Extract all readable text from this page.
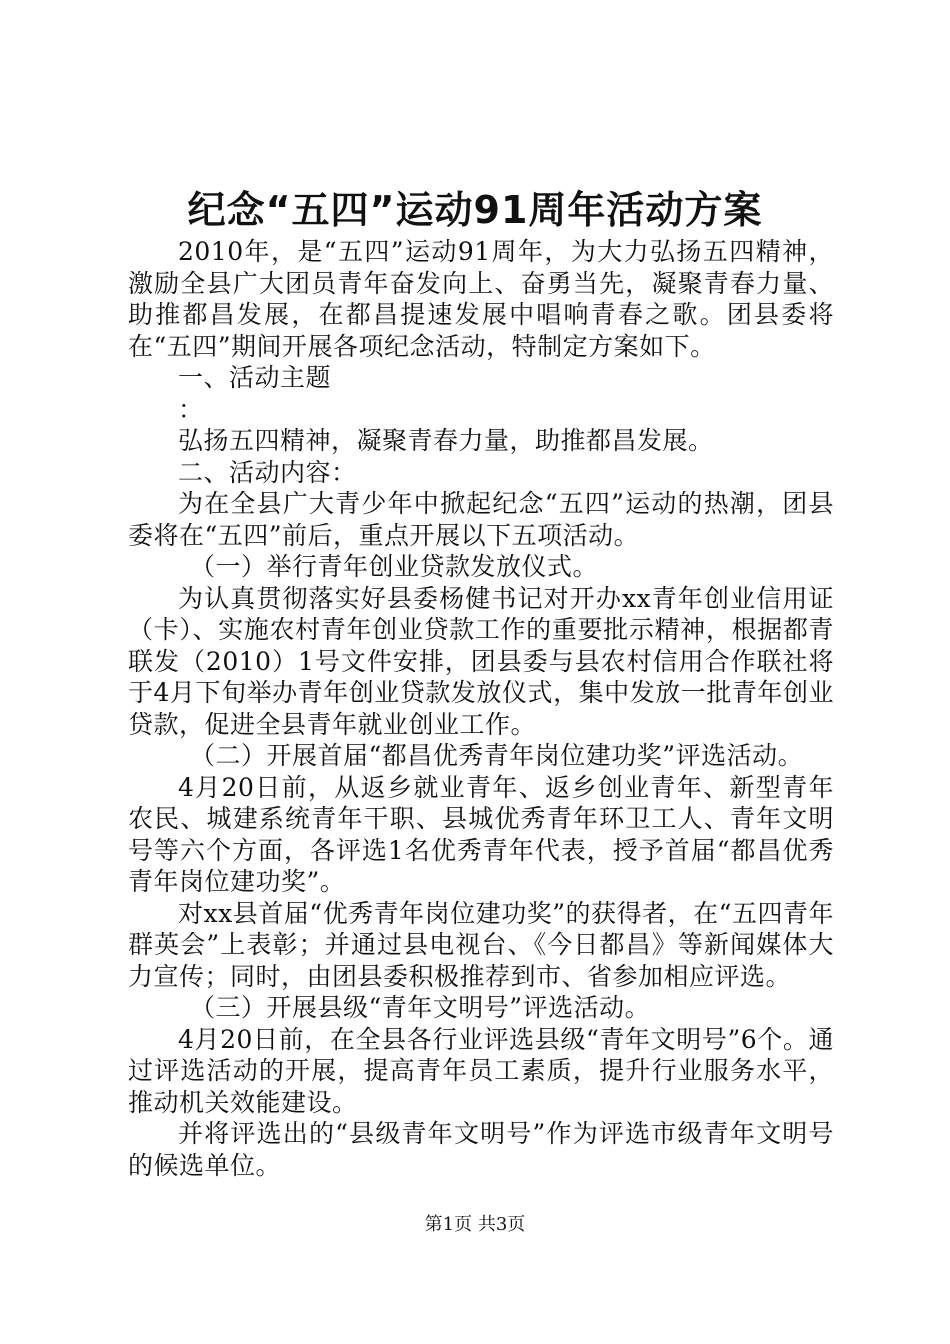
纪念“五四”运动91周年活动方案

2010年，是“五四”运动91周年，为大力弘扬五四精神，激励全县广大团员青年奋发向上、奋勇当先，凝聚青春力量、助推都昌发展，在都昌提速发展中唱响青春之歌。团县委将在“五四”期间开展各项纪念活动，特制定方案如下。

一、活动主题

：

弘扬五四精神，凝聚青春力量，助推都昌发展。

二、活动内容：

为在全县广大青少年中掀起纪念“五四”运动的热潮，团县委将在“五四”前后，重点开展以下五项活动。

（一）举行青年创业贷款发放仪式。

为认真贯彻落实好县委杨健书记对开办xx青年创业信用证（卡）、实施农村青年创业贷款工作的重要批示精神，根据都青联发（2010）1号文件安排，团县委与县农村信用合作联社将于4月下旬举办青年创业贷款发放仪式，集中发放一批青年创业贷款，促进全县青年就业创业工作。

（二）开展首届“都昌优秀青年岗位建功奖”评选活动。

4月20日前，从返乡就业青年、返乡创业青年、新型青年农民、城建系统青年干职、县城优秀青年环卫工人、青年文明号等六个方面，各评选1名优秀青年代表，授予首届“都昌优秀青年岗位建功奖”。

对xx县首届“优秀青年岗位建功奖”的获得者，在“五四青年群英会”上表彰；并通过县电视台、《今日都昌》等新闻媒体大力宣传；同时，由团县委积极推荐到市、省参加相应评选。

（三）开展县级“青年文明号”评选活动。

4月20日前，在全县各行业评选县级“青年文明号”6个。通过评选活动的开展，提高青年员工素质，提升行业服务水平，推动机关效能建设。

并将评选出的“县级青年文明号”作为评选市级青年文明号的候选单位。

第1页 共3页
